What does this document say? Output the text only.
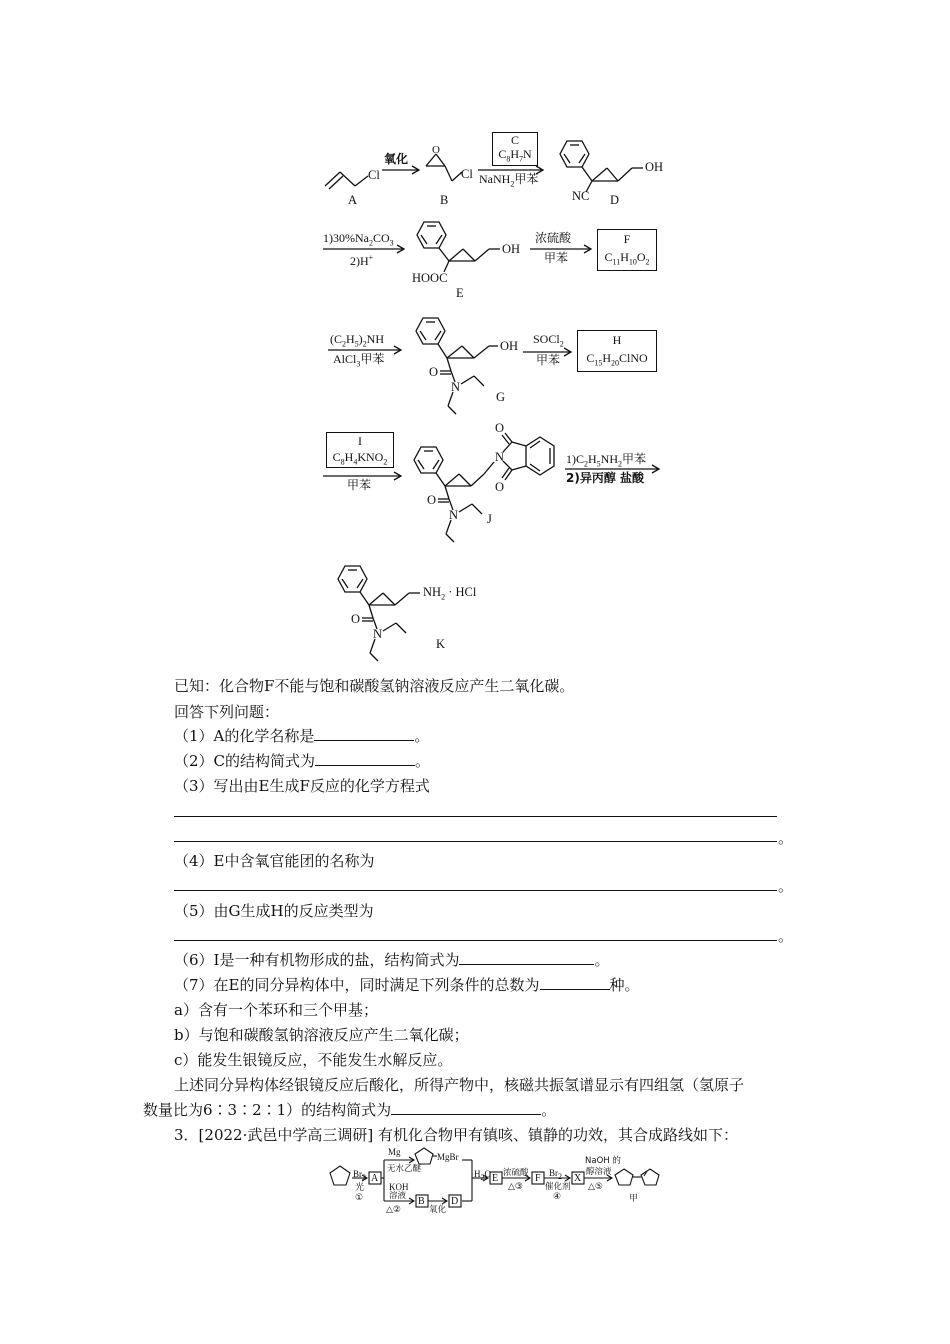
A
Cl
氧化
O
Cl
B
C
$C_8H_7N$
NaNH$_2$甲苯
OH
NC D
$1)30\%Na_2CO_3$
2)H+
OH
HOOC
E
浓硫酸
甲苯
F
$C_{11}H_{10}O_2$
$(C_2H_5)_2NH$
AlCl$_3$甲苯
OH
O
N
G
SOCl$_2$
甲苯
H
$C_{15}H_{20}ClNO$
I
$C_8H_4KNO_2$
甲苯
O
N
O
O
N J
$1)C_2H_5NH_2$甲苯
2)异丙醇 盐酸
$NH_2$ · HCl
O
N
K
已知：化合物F不能与饱和碳酸氢钠溶液反应产生二氧化碳。
回答下列问题：
（1）A的化学名称是	。
（2）C的结构简式为	。
（3）写出由E生成F反应的化学方程式
。
（4）E中含氧官能团的名称为
。
（5）由G生成H的反应类型为
。
（6）I是一种有机物形成的盐，结构简式为	。
（7）在E的同分异构体中，同时满足下列条件的总数为	种。
a）含有一个苯环和三个甲基；
b）与饱和碳酸氢钠溶液反应产生二氧化碳；
c）能发生银镜反应，不能发生水解反应。
上述同分异构体经银镜反应后酸化，所得产物中，核磁共振氢谱显示有四组氢（氢原子
数量比为6∶3∶2∶1）的结构简式为	。
3．[2022·武邑中学高三调研] 有机化合物甲有镇咳、镇静的功效，其合成路线如下：
$Br_2$
光
①
A
Mg
无水乙醚
MgBr
KOH
溶液
△②
B
氧化
D
$H_2O$ E 浓硫酸
△③
F $Br_2$
催化剂
④
X
NaOH 的
醇溶液
△⑤
甲
